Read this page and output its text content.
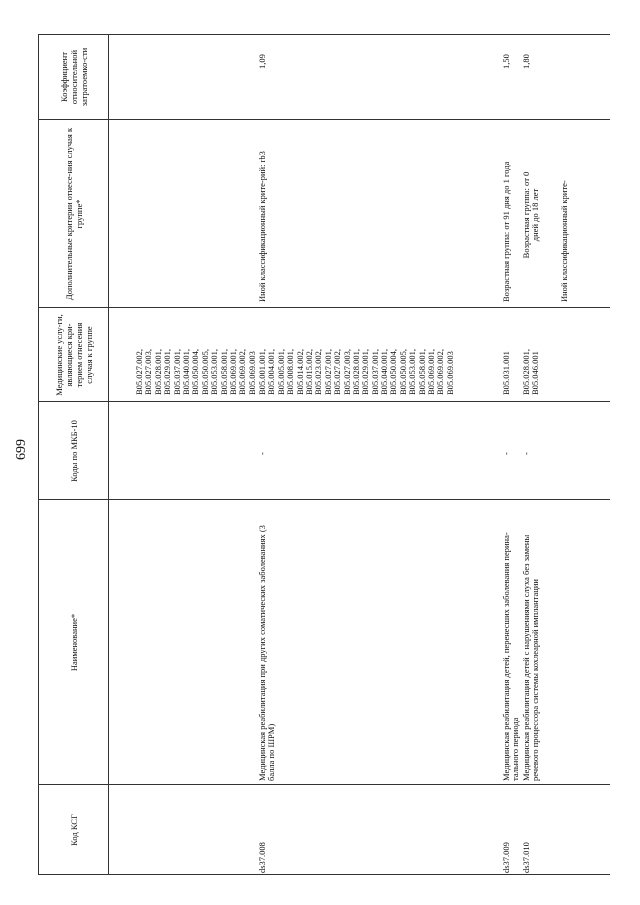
699
Код КСГ
Наименование*
Коды по МКБ-10
Медицинские услу-ги, являющиеся кри-терием отнесения случая к группе
Дополнительные критерии отнесе-ния случая к группе*
Коэффициент относительной затратоемко-сти
B05.027.002, B05.027.003, B05.028.001, B05.029.001, B05.037.001, B05.040.001, B05.050.004, B05.050.005, B05.053.001, B05.058.001, B05.069.001, B05.069.002, B05.069.003
ds37.008
Медицинская реабилитация при других соматических заболеваниях (3 балла по ШРМ)
-
B05.001.001, B05.004.001, B05.005.001, B05.008.001, B05.014.002, B05.015.002, B05.023.002, B05.027.001, B05.027.002, B05.027.003, B05.028.001, B05.029.001, B05.037.001, B05.040.001, B05.050.004, B05.050.005, B05.053.001, B05.058.001, B05.069.001, B05.069.002, B05.069.003
Иной классификационный крите-рий: rb3
1,09
ds37.009
Медицинская реабилитация детей, перенесших заболевания перина-тального периода
-
B05.031.001
Возрастная группа: от 91 дня до 1 года
1,50
ds37.010
Медицинская реабилитация детей с нарушениями слуха без замены речевого процессора системы кохлеарной имплантации
-
B05.028.001, B05.046.001
Возрастная группа: от 0 дней до 18 лет Иной классификационный крите-
1,80
